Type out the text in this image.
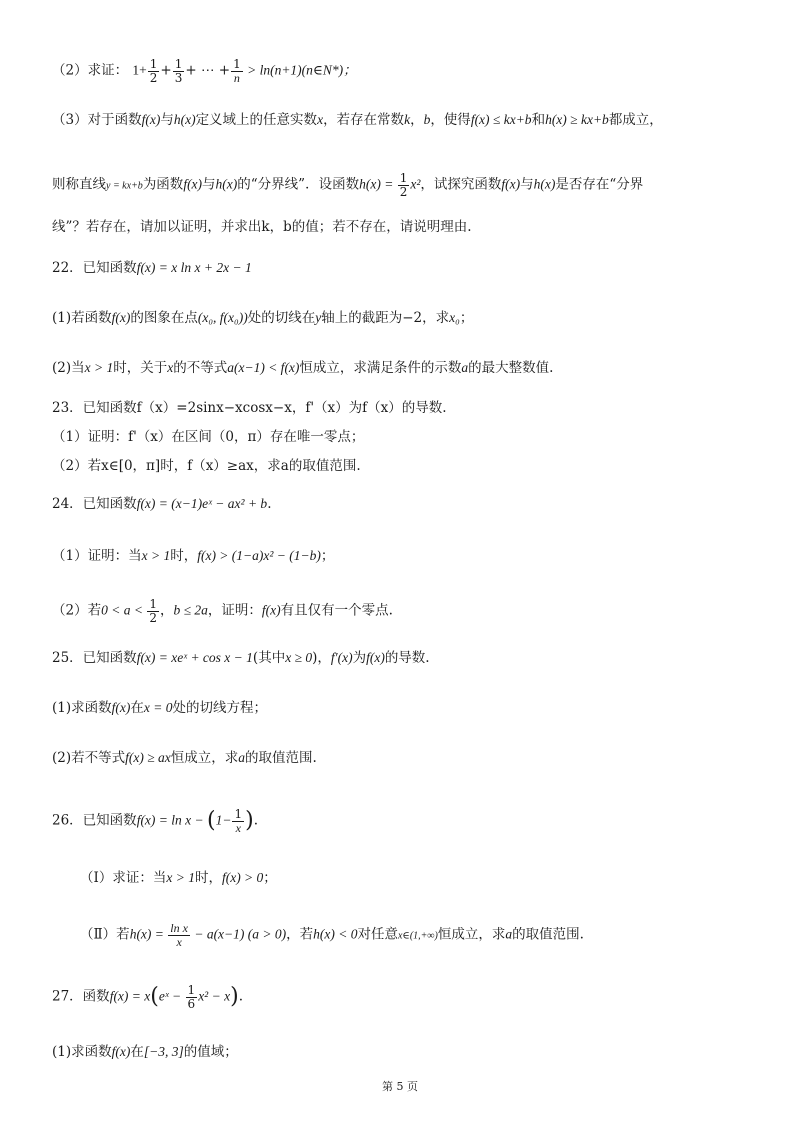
（2）求证： $1+ \frac{1}{2} + \frac{1}{3}$ + ⋯ + $\frac{1}{n}$ > ln(n+1)(n∈N*)；
（3）对于函数f(x)与h(x)定义域上的任意实数x，若存在常数k，b，使得f(x) ≤ kx+b和h(x) ≥ kx+b都成立，
则称直线y = kx+b为函数f(x)与h(x)的“分界线”．设函数$h(x) = \frac{1}{2} x^2$，试探究函数f(x)与h(x)是否存在“分界
线”？若存在，请加以证明，并求出k，b的值；若不存在，请说明理由.
22．已知函数f(x) = x ln x + 2x − 1
(1)若函数f(x)的图象在点(x₀, f(x₀))处的切线在y轴上的截距为−2，求x₀；
(2)当x > 1时，关于x的不等式a(x−1) < f(x)恒成立，求满足条件的示数a的最大整数值.
23．已知函数f（x）=2sinx−xcosx−x，f'（x）为f（x）的导数.
（1）证明：f'（x）在区间（0，π）存在唯一零点；
（2）若x∈[0，π]时，f（x）≥ax，求a的取值范围.
24．已知函数f(x) = (x−1)eˣ − ax² + b.
（1）证明：当x > 1时，f(x) > (1−a)x² − (1−b)；
（2）若$0 < a < \frac{1}{2}$ ，b ≤ 2a，证明：f(x)有且仅有一个零点.
25．已知函数f(x) = xeˣ + cos x − 1(其中x ≥ 0)，f′(x)为f(x)的导数.
(1)求函数f(x)在x = 0处的切线方程；
(2)若不等式f(x) ≥ ax恒成立，求a的取值范围.
26．已知函数$f(x) = \ln x - (1- \frac{1}{x}$ ).
（Ⅰ）求证：当x > 1时，f(x) > 0；
（Ⅱ）若$h(x) = \frac{\text{ln x}}{x} - a(x-1) (a > 0)$，若h(x) < 0对任意x∈(1,+∞)恒成立，求a的取值范围.
27．函数f(x) = x(eˣ − $\frac{1}{6} x^2 - x$).
(1)求函数f(x)在[−3, 3]的值域；
第 5 页
